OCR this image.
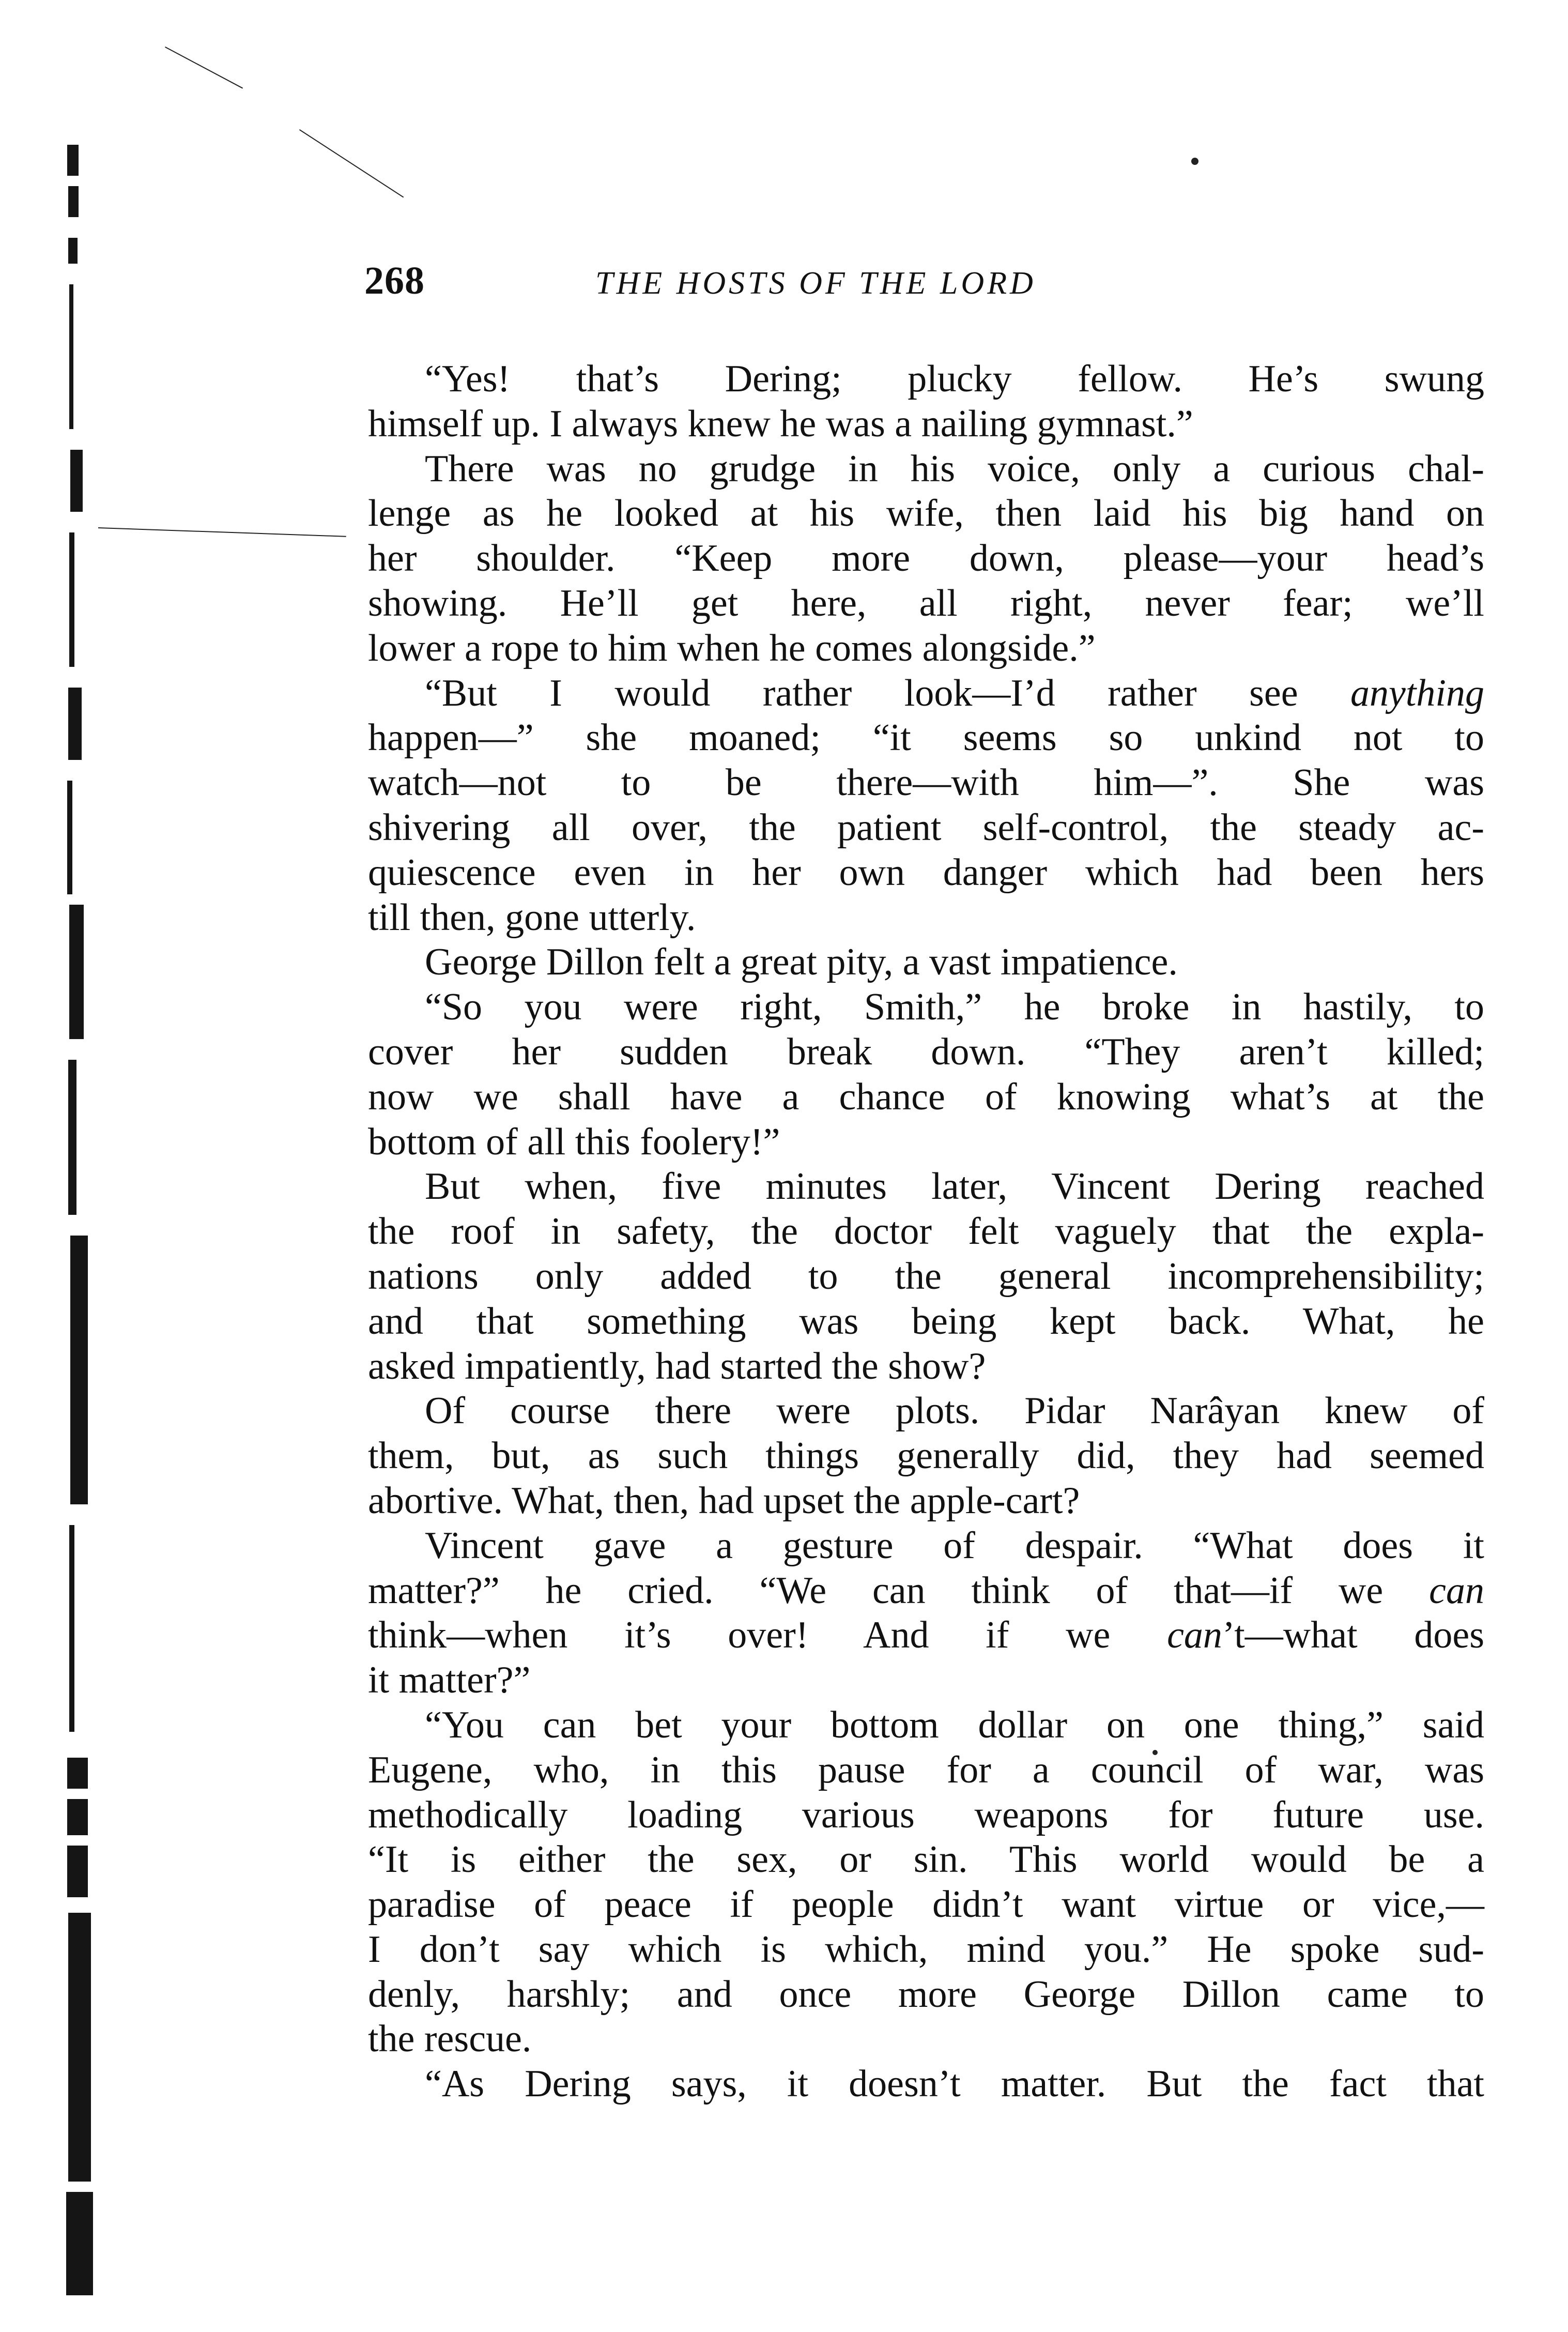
268	THE HOSTS OF THE LORD
“Yes! that’s Dering; plucky fellow. He’s swung
himself up. I always knew he was a nailing gymnast.”
There was no grudge in his voice, only a curious chal-
lenge as he looked at his wife, then laid his big hand on
her shoulder. “Keep more down, please—your head’s
showing. He’ll get here, all right, never fear; we’ll
lower a rope to him when he comes alongside.”
“But I would rather look—I’d rather see anything
happen—” she moaned; “it seems so unkind not to
watch—not to be there—with him—”. She was
shivering all over, the patient self-control, the steady ac-
quiescence even in her own danger which had been hers
till then, gone utterly.
George Dillon felt a great pity, a vast impatience.
“So you were right, Smith,” he broke in hastily, to
cover her sudden break down. “They aren’t killed;
now we shall have a chance of knowing what’s at the
bottom of all this foolery!”
But when, five minutes later, Vincent Dering reached
the roof in safety, the doctor felt vaguely that the expla-
nations only added to the general incomprehensibility;
and that something was being kept back. What, he
asked impatiently, had started the show?
Of course there were plots. Pidar Narâyan knew of
them, but, as such things generally did, they had seemed
abortive. What, then, had upset the apple-cart?
Vincent gave a gesture of despair. “What does it
matter?” he cried. “We can think of that—if we can
think—when it’s over! And if we can’t—what does
it matter?”
“You can bet your bottom dollar on one thing,” said
Eugene, who, in this pause for a council of war, was
methodically loading various weapons for future use.
“It is either the sex, or sin. This world would be a
paradise of peace if people didn’t want virtue or vice,—
I don’t say which is which, mind you.” He spoke sud-
denly, harshly; and once more George Dillon came to
the rescue.
“As Dering says, it doesn’t matter. But the fact that
